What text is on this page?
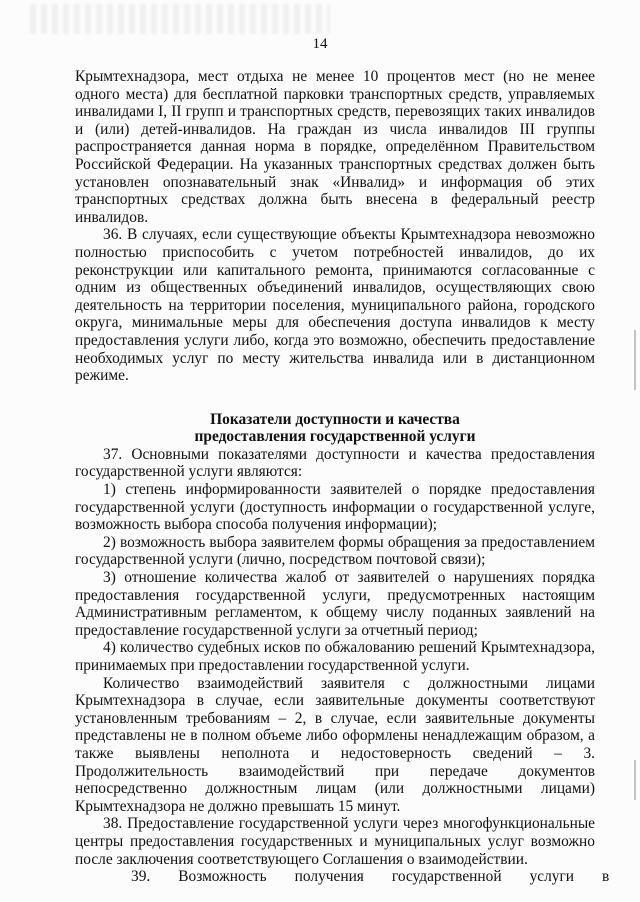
14

Крымтехнадзора, мест отдыха не менее 10 процентов мест (но не менее одного места) для бесплатной парковки транспортных средств, управляемых инвалидами I, II групп и транспортных средств, перевозящих таких инвалидов и (или) детей-инвалидов. На граждан из числа инвалидов III группы распространяется данная норма в порядке, определённом Правительством Российской Федерации. На указанных транспортных средствах должен быть установлен опознавательный знак «Инвалид» и информация об этих транспортных средствах должна быть внесена в федеральный реестр инвалидов.

36. В случаях, если существующие объекты Крымтехнадзора невозможно полностью приспособить с учетом потребностей инвалидов, до их реконструкции или капитального ремонта, принимаются согласованные с одним из общественных объединений инвалидов, осуществляющих свою деятельность на территории поселения, муниципального района, городского округа, минимальные меры для обеспечения доступа инвалидов к месту предоставления услуги либо, когда это возможно, обеспечить предоставление необходимых услуг по месту жительства инвалида или в дистанционном режиме.

Показатели доступности и качества
предоставления государственной услуги

37. Основными показателями доступности и качества предоставления государственной услуги являются:

1) степень информированности заявителей о порядке предоставления государственной услуги (доступность информации о государственной услуге, возможность выбора способа получения информации);

2) возможность выбора заявителем формы обращения за предоставлением государственной услуги (лично, посредством почтовой связи);

3) отношение количества жалоб от заявителей о нарушениях порядка предоставления государственной услуги, предусмотренных настоящим Административным регламентом, к общему числу поданных заявлений на предоставление государственной услуги за отчетный период;

4) количество судебных исков по обжалованию решений Крымтехнадзора, принимаемых при предоставлении государственной услуги.

Количество взаимодействий заявителя с должностными лицами Крымтехнадзора в случае, если заявительные документы соответствуют установленным требованиям – 2, в случае, если заявительные документы представлены не в полном объеме либо оформлены ненадлежащим образом, а также выявлены неполнота и недостоверность сведений – 3. Продолжительность взаимодействий при передаче документов непосредственно должностным лицам (или должностными лицами) Крымтехнадзора не должно превышать 15 минут.

38. Предоставление государственной услуги через многофункциональные центры предоставления государственных и муниципальных услуг возможно после заключения соответствующего Соглашения о взаимодействии.

39.	Возможность	получения	государственной	услуги	в
